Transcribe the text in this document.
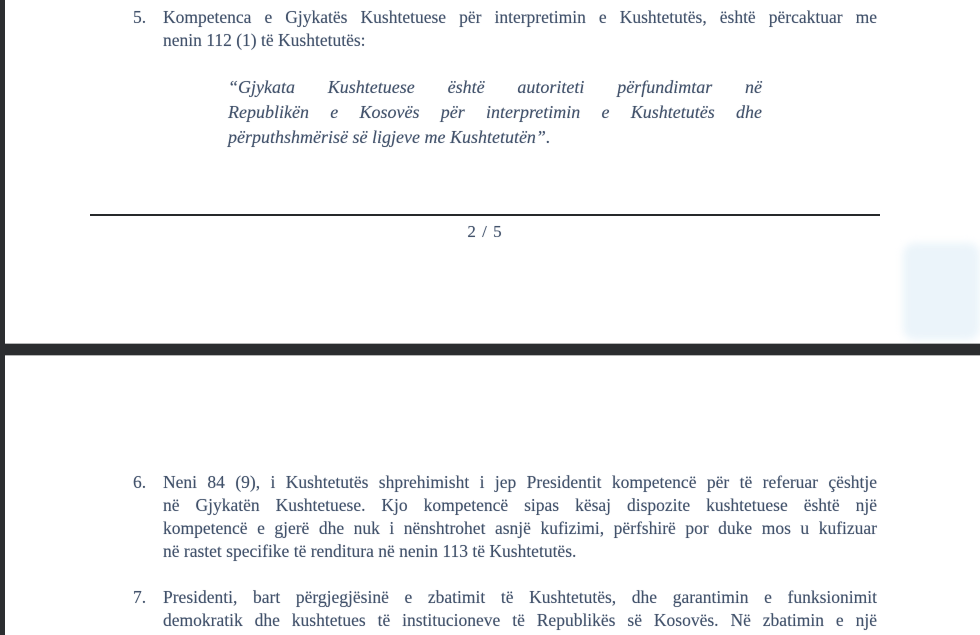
5. Kompetenca e Gjykatës Kushtetuese për interpretimin e Kushtetutës, është përcaktuar me
nenin 112 (1) të Kushtetutës:
“Gjykata Kushtetuese është autoriteti përfundimtar në
Republikën e Kosovës për interpretimin e Kushtetutës dhe
përputhshmërisë së ligjeve me Kushtetutën”.
2 / 5
6. Neni 84 (9), i Kushtetutës shprehimisht i jep Presidentit kompetencë për të referuar çështje
në Gjykatën Kushtetuese. Kjo kompetencë sipas kësaj dispozite kushtetuese është një
kompetencë e gjerë dhe nuk i nënshtrohet asnjë kufizimi, përfshirë por duke mos u kufizuar
në rastet specifike të renditura në nenin 113 të Kushtetutës.
7. Presidenti, bart përgjegjësinë e zbatimit të Kushtetutës, dhe garantimin e funksionimit
demokratik dhe kushtetues të institucioneve të Republikës së Kosovës. Në zbatimin e një
